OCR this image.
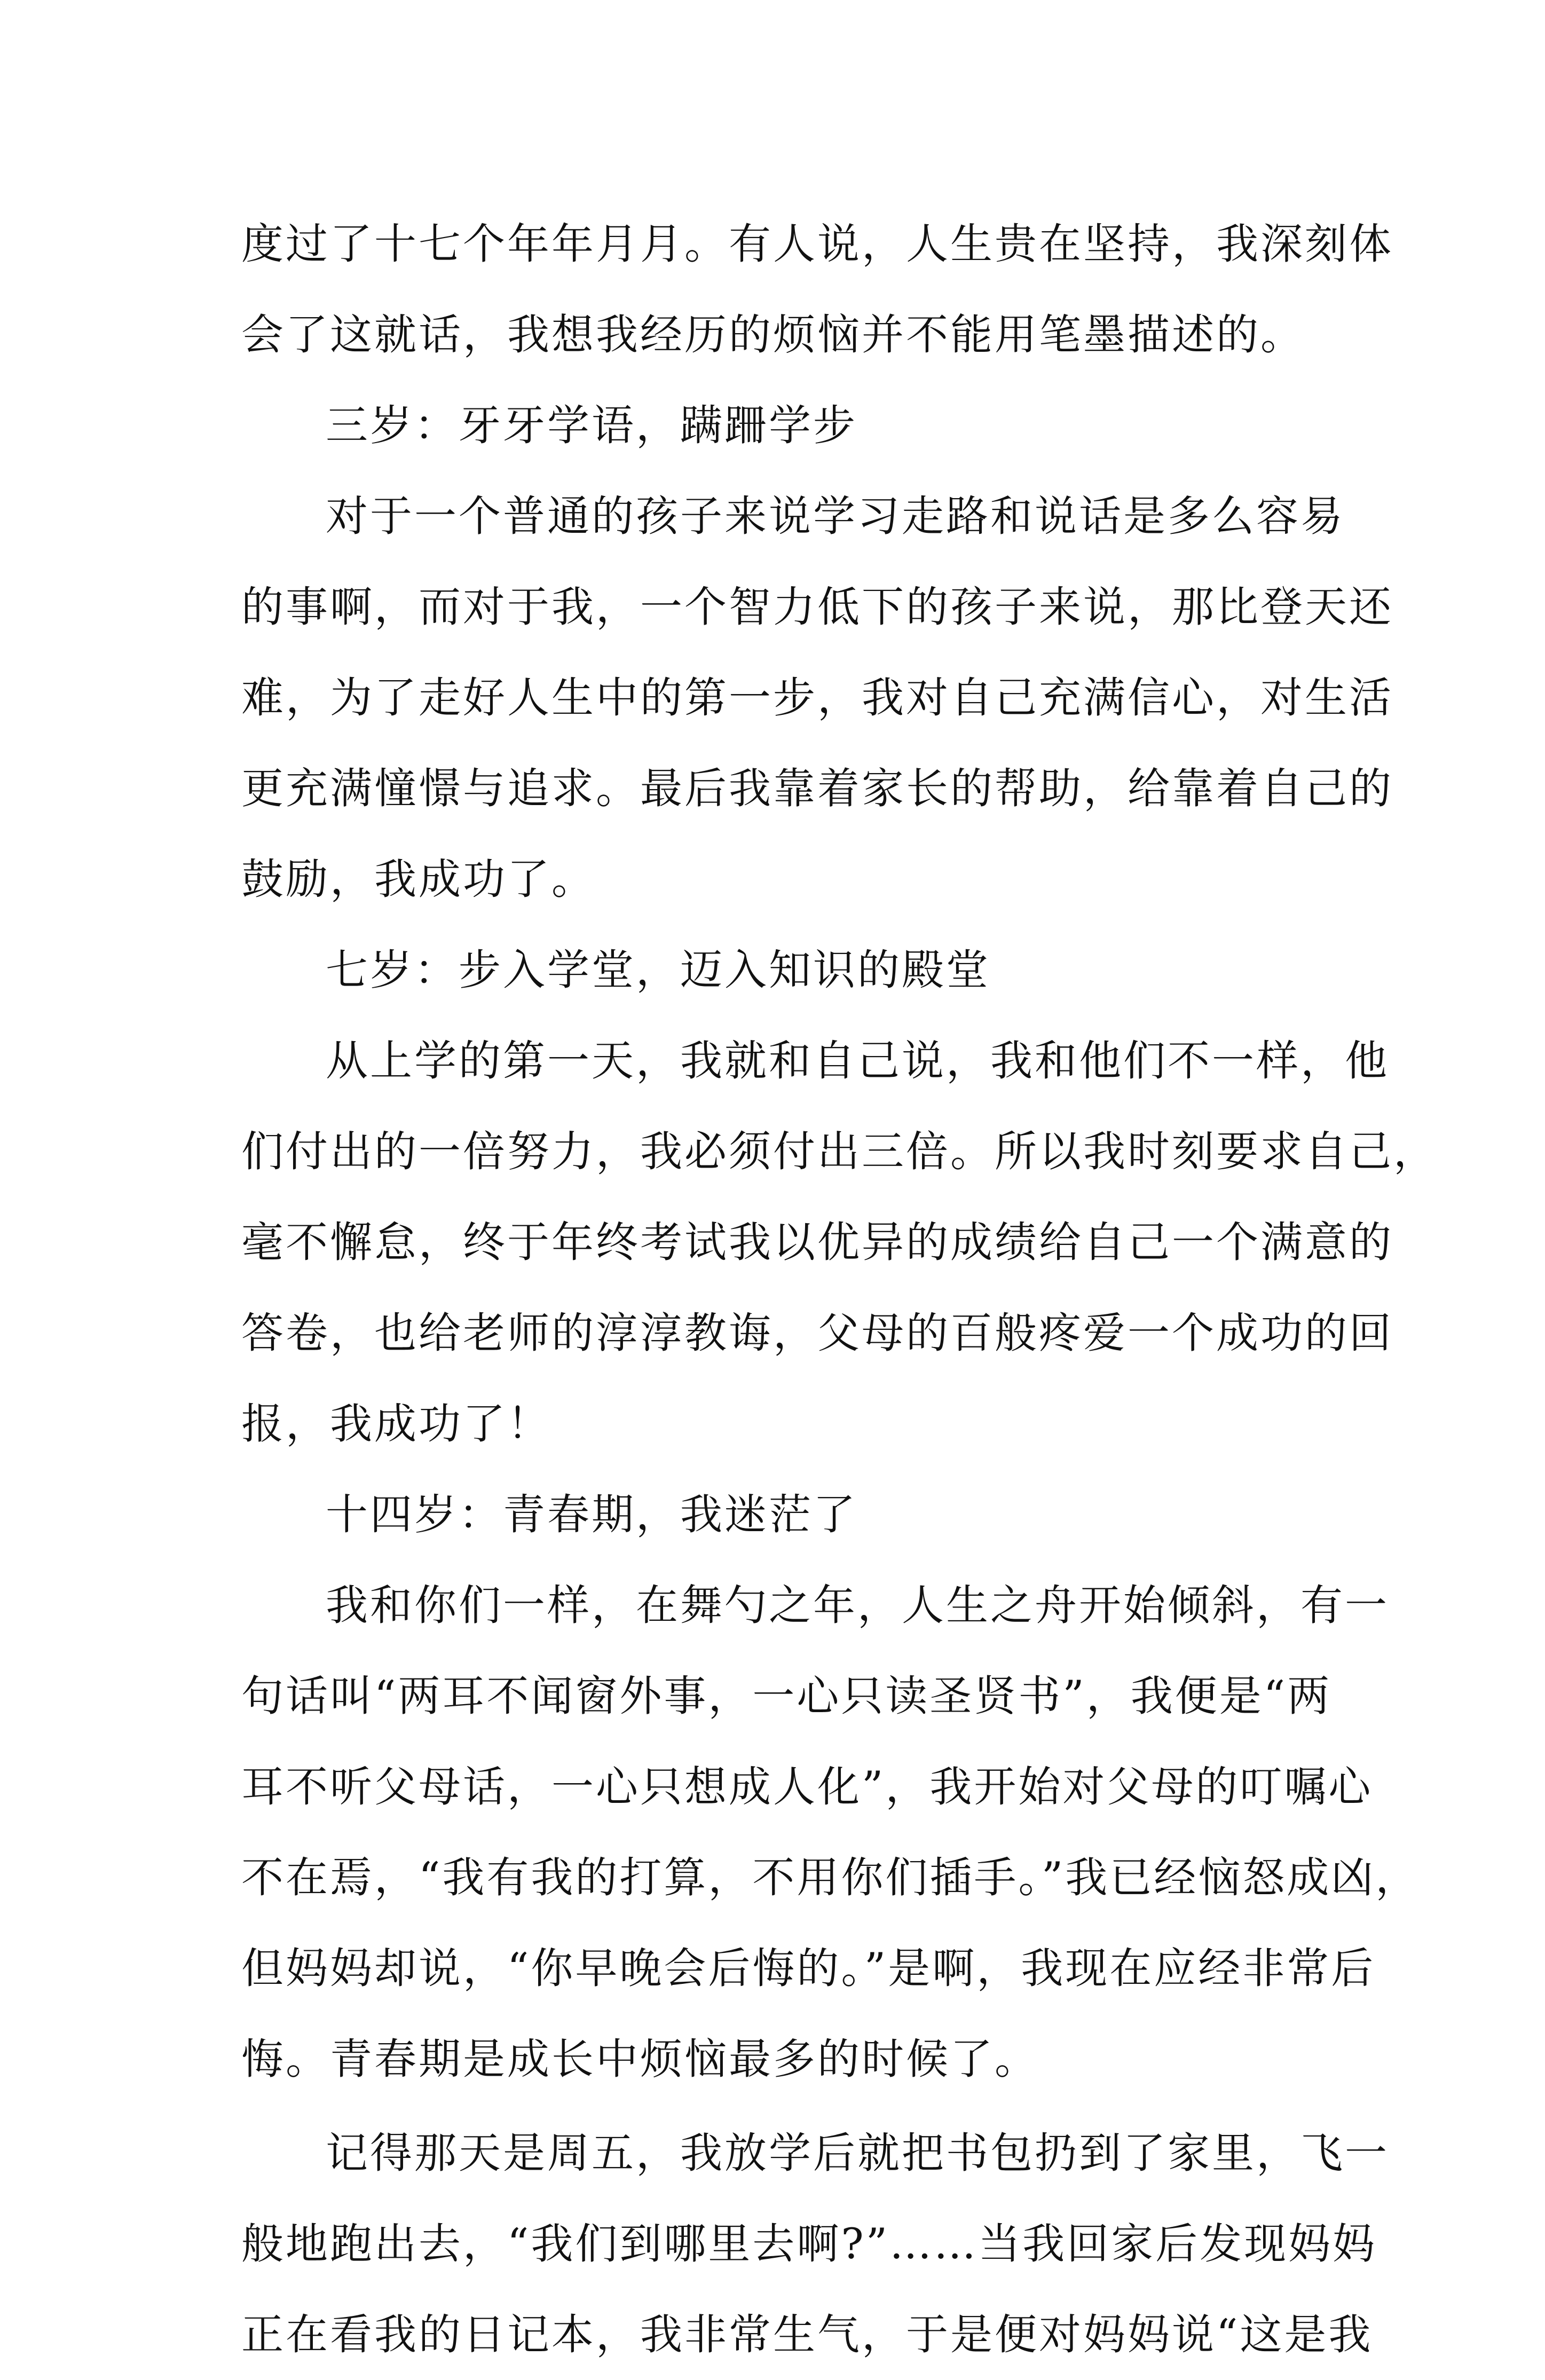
度过了十七个年年月月。有人说，人生贵在坚持，我深刻体
会了这就话，我想我经历的烦恼并不能用笔墨描述的。
三岁：牙牙学语，蹒跚学步
对于一个普通的孩子来说学习走路和说话是多么容易
的事啊，而对于我，一个智力低下的孩子来说，那比登天还
难，为了走好人生中的第一步，我对自己充满信心，对生活
更充满憧憬与追求。最后我靠着家长的帮助，给靠着自己的
鼓励，我成功了。
七岁：步入学堂，迈入知识的殿堂
从上学的第一天，我就和自己说，我和他们不一样，他
们付出的一倍努力，我必须付出三倍。所以我时刻要求自己，
毫不懈怠，终于年终考试我以优异的成绩给自己一个满意的
答卷，也给老师的淳淳教诲，父母的百般疼爱一个成功的回
报，我成功了！
十四岁：青春期，我迷茫了
我和你们一样，在舞勺之年，人生之舟开始倾斜，有一
句话叫“两耳不闻窗外事，一心只读圣贤书”，我便是“两
耳不听父母话，一心只想成人化”，我开始对父母的叮嘱心
不在焉，“我有我的打算，不用你们插手。”我已经恼怒成凶，
但妈妈却说，“你早晚会后悔的。”是啊，我现在应经非常后
悔。青春期是成长中烦恼最多的时候了。
记得那天是周五，我放学后就把书包扔到了家里，飞一
般地跑出去，“我们到哪里去啊?”……当我回家后发现妈妈
正在看我的日记本，我非常生气，于是便对妈妈说“这是我
